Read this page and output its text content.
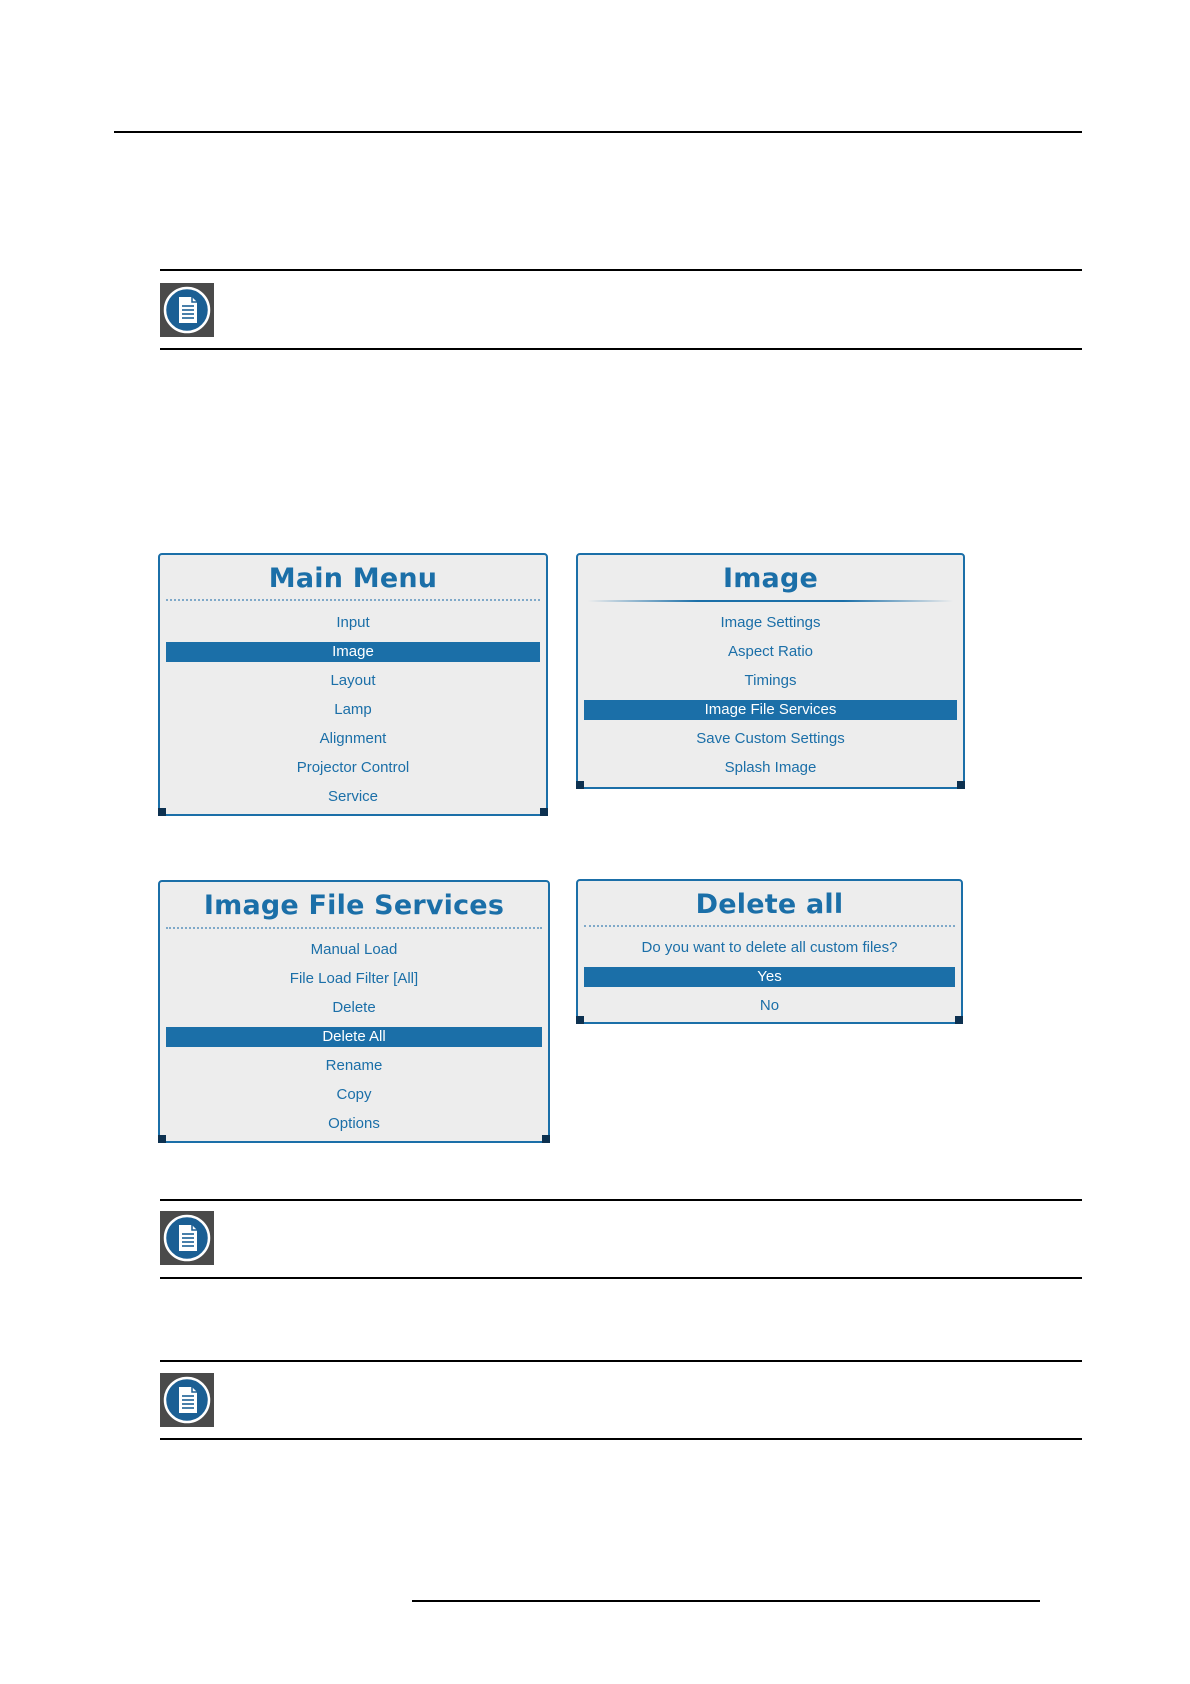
Main Menu
Input
Image
Layout
Lamp
Alignment
Projector Control
Service
Image
Image Settings
Aspect Ratio
Timings
Image File Services
Save Custom Settings
Splash Image
Image File Services
Manual Load
File Load Filter [All]
Delete
Delete All
Rename
Copy
Options
Delete all
Do you want to delete all custom files?
Yes
No
